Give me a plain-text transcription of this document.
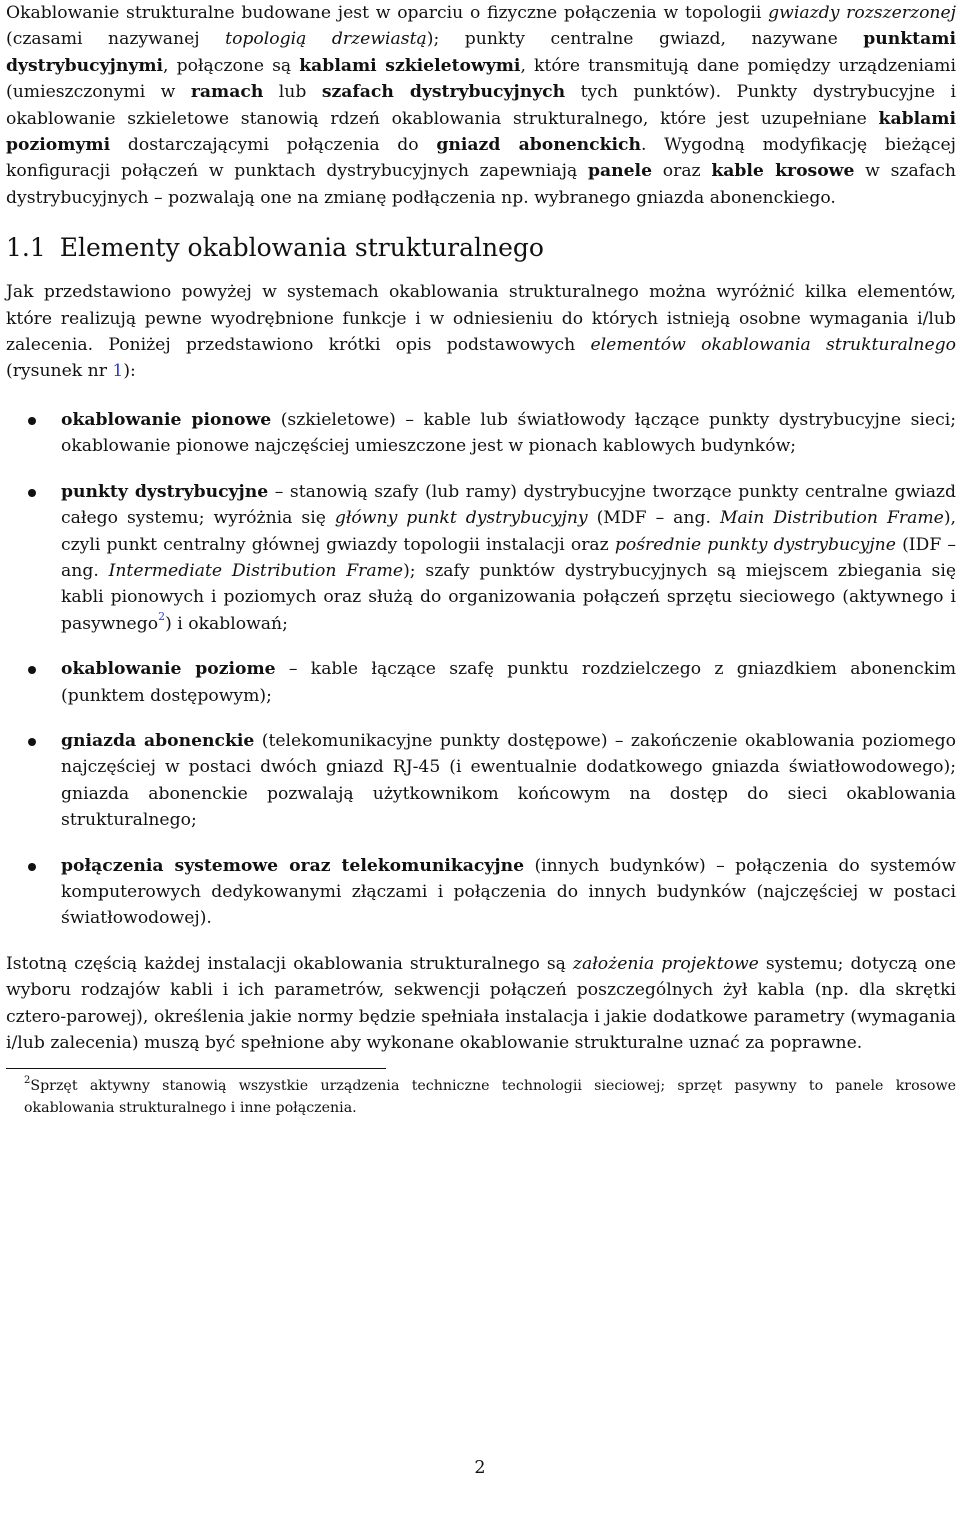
Okablowanie strukturalne budowane jest w oparciu o fizyczne połączenia w topologii gwiazdy rozszerzonej (czasami nazywanej topologią drzewiastą); punkty centralne gwiazd, nazywane punktami dystrybucyjnymi, połączone są kablami szkieletowymi, które transmitują dane pomiędzy urządzeniami (umieszczonymi w ramach lub szafach dystrybucyjnych tych punktów). Punkty dystrybucyjne i okablowanie szkieletowe stanowią rdzeń okablowania strukturalnego, które jest uzupełniane kablami poziomymi dostarczającymi połączenia do gniazd abonenckich. Wygodną modyfikację bieżącej konfiguracji połączeń w punktach dystrybucyjnych zapewniają panele oraz kable krosowe w szafach dystrybucyjnych – pozwalają one na zmianę podłączenia np. wybranego gniazda abonenckiego.

1.1 Elementy okablowania strukturalnego

Jak przedstawiono powyżej w systemach okablowania strukturalnego można wyróżnić kilka elementów, które realizują pewne wyodrębnione funkcje i w odniesieniu do których istnieją osobne wymagania i/lub zalecenia. Poniżej przedstawiono krótki opis podstawowych elementów okablowania strukturalnego (rysunek nr 1):

okablowanie pionowe (szkieletowe) – kable lub światłowody łączące punkty dystrybucyjne sieci; okablowanie pionowe najczęściej umieszczone jest w pionach kablowych budynków;

punkty dystrybucyjne – stanowią szafy (lub ramy) dystrybucyjne tworzące punkty centralne gwiazd całego systemu; wyróżnia się główny punkt dystrybucyjny (MDF – ang. Main Distribution Frame), czyli punkt centralny głównej gwiazdy topologii instalacji oraz pośrednie punkty dystrybucyjne (IDF – ang. Intermediate Distribution Frame); szafy punktów dystrybucyjnych są miejscem zbiegania się kabli pionowych i poziomych oraz służą do organizowania połączeń sprzętu sieciowego (aktywnego i pasywnego$^2$) i okablowań;

okablowanie poziome – kable łączące szafę punktu rozdzielczego z gniazdkiem abonenckim (punktem dostępowym);

gniazda abonenckie (telekomunikacyjne punkty dostępowe) – zakończenie okablowania poziomego najczęściej w postaci dwóch gniazd RJ-45 (i ewentualnie dodatkowego gniazda światłowodowego); gniazda abonenckie pozwalają użytkownikom końcowym na dostęp do sieci okablowania strukturalnego;

połączenia systemowe oraz telekomunikacyjne (innych budynków) – połączenia do systemów komputerowych dedykowanymi złączami i połączenia do innych budynków (najczęściej w postaci światłowodowej).

Istotną częścią każdej instalacji okablowania strukturalnego są założenia projektowe systemu; dotyczą one wyboru rodzajów kabli i ich parametrów, sekwencji połączeń poszczególnych żył kabla (np. dla skrętki cztero-parowej), określenia jakie normy będzie spełniała instalacja i jakie dodatkowe parametry (wymagania i/lub zalecenia) muszą być spełnione aby wykonane okablowanie strukturalne uznać za poprawne.

$^2$Sprzęt aktywny stanowią wszystkie urządzenia techniczne technologii sieciowej; sprzęt pasywny to panele krosowe okablowania strukturalnego i inne połączenia.

2
